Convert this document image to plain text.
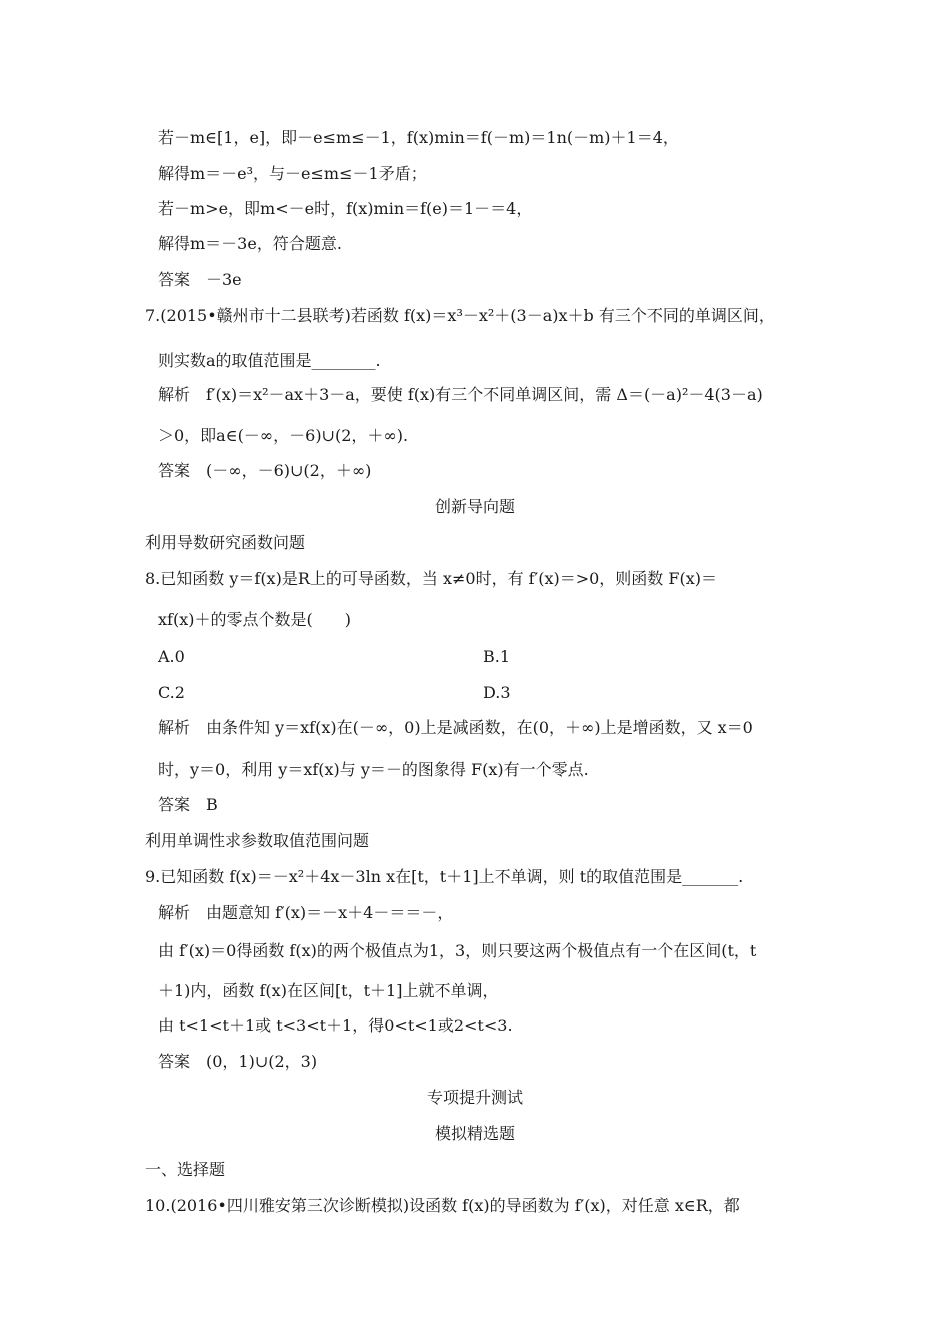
若－m∈[1，e]，即－e≤m≤－1，f(x)min＝f(－m)＝1n(－m)＋1＝4，
解得m＝－e³，与－e≤m≤－1矛盾；
若－m>e，即m<－e时，f(x)min＝f(e)＝1－＝4，
解得m＝－3e，符合题意.
答案　－3e
7.(2015•赣州市十二县联考)若函数 f(x)＝x³－x²＋(3－a)x＋b 有三个不同的单调区间，
则实数a的取值范围是________.
解析　f′(x)＝x²－ax＋3－a，要使 f(x)有三个不同单调区间，需 Δ＝(－a)²－4(3－a)
＞0，即a∈(－∞，－6)∪(2，＋∞).
答案　(－∞，－6)∪(2，＋∞)
创新导向题
利用导数研究函数问题
8.已知函数 y＝f(x)是R上的可导函数，当 x≠0时，有 f′(x)＝>0，则函数 F(x)＝
xf(x)＋的零点个数是(　　)
A.0	B.1
C.2	D.3
解析　由条件知 y＝xf(x)在(－∞，0)上是减函数，在(0，＋∞)上是增函数，又 x＝0
时，y＝0，利用 y＝xf(x)与 y＝－的图象得 F(x)有一个零点.
答案　B
利用单调性求参数取值范围问题
9.已知函数 f(x)＝－x²＋4x－3ln x在[t，t＋1]上不单调，则 t的取值范围是_______.
解析　由题意知 f′(x)＝－x＋4－＝＝－，
由 f′(x)＝0得函数 f(x)的两个极值点为1，3，则只要这两个极值点有一个在区间(t，t
＋1)内，函数 f(x)在区间[t，t＋1]上就不单调，
由 t<1<t＋1或 t<3<t＋1，得0<t<1或2<t<3.
答案　(0，1)∪(2，3)
专项提升测试
模拟精选题
一、选择题
10.(2016•四川雅安第三次诊断模拟)设函数 f(x)的导函数为 f′(x)，对任意 x∈R，都
